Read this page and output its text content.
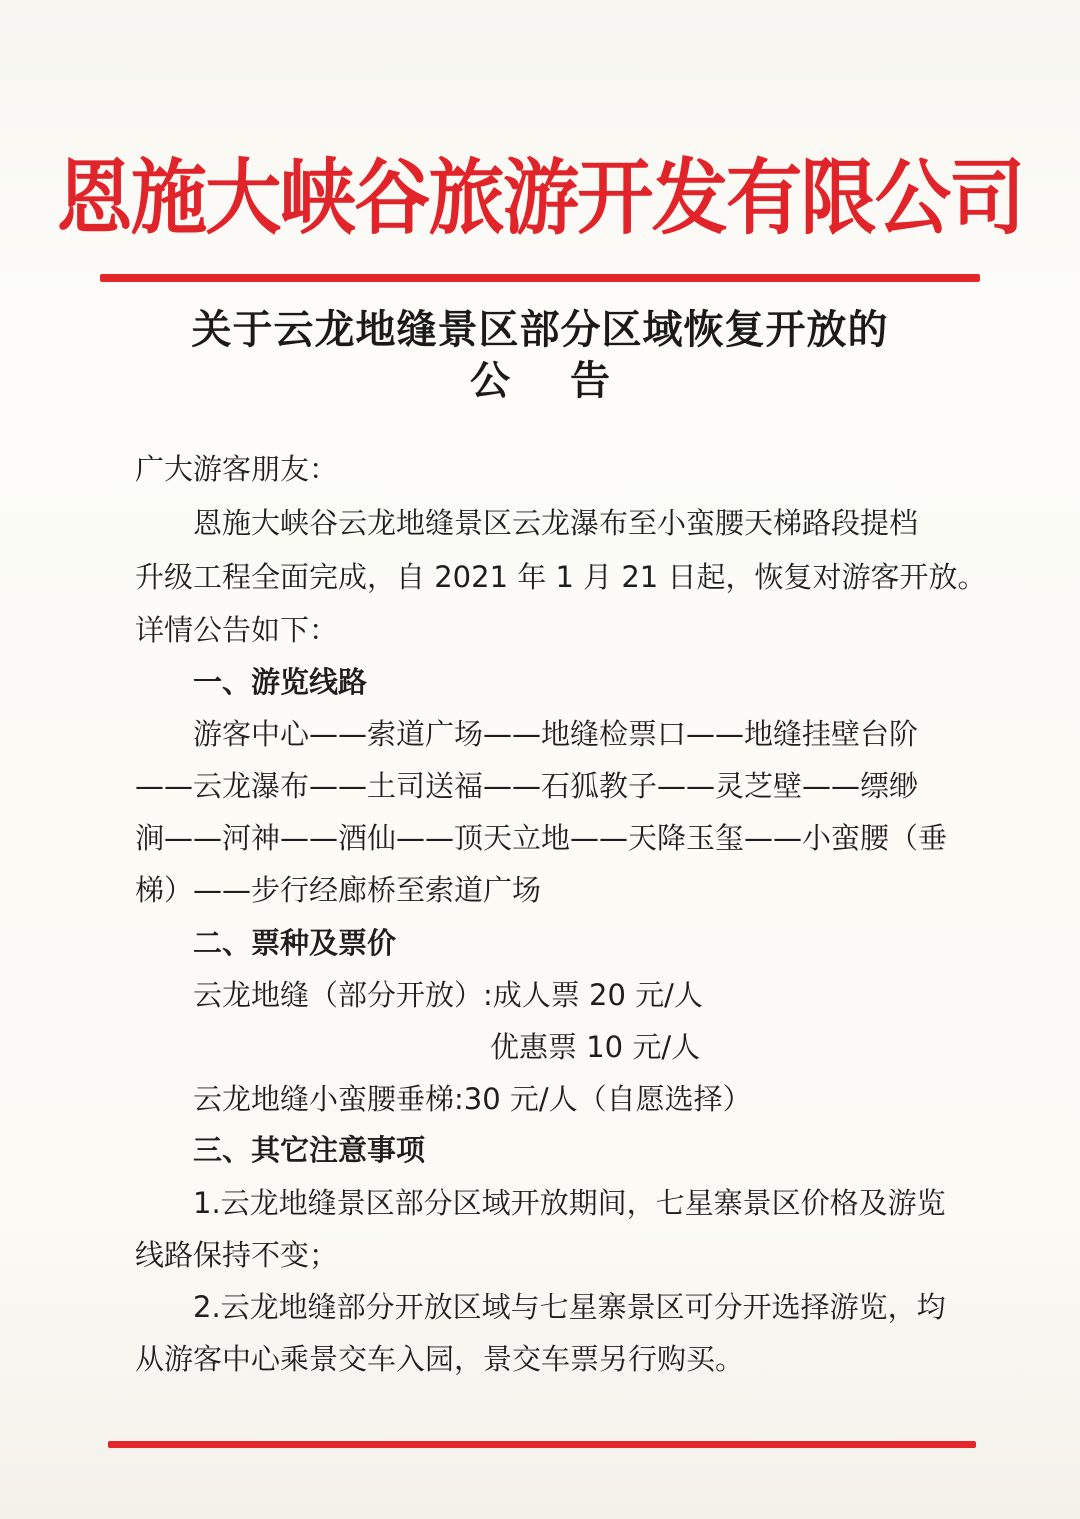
恩施大峡谷旅游开发有限公司
关于云龙地缝景区部分区域恢复开放的
公告
广大游客朋友：
恩施大峡谷云龙地缝景区云龙瀑布至小蛮腰天梯路段提档
升级工程全面完成，自 2021 年 1 月 21 日起，恢复对游客开放。
详情公告如下：
一、游览线路
游客中心——索道广场——地缝检票口——地缝挂壁台阶
——云龙瀑布——土司送福——石狐教子——灵芝壁——缥缈
涧——河神——酒仙——顶天立地——天降玉玺——小蛮腰（垂
梯）——步行经廊桥至索道广场
二、票种及票价
云龙地缝（部分开放）:成人票 20 元/人
优惠票 10 元/人
云龙地缝小蛮腰垂梯:30 元/人（自愿选择）
三、其它注意事项
1.云龙地缝景区部分区域开放期间，七星寨景区价格及游览
线路保持不变；
2.云龙地缝部分开放区域与七星寨景区可分开选择游览，均
从游客中心乘景交车入园，景交车票另行购买。
